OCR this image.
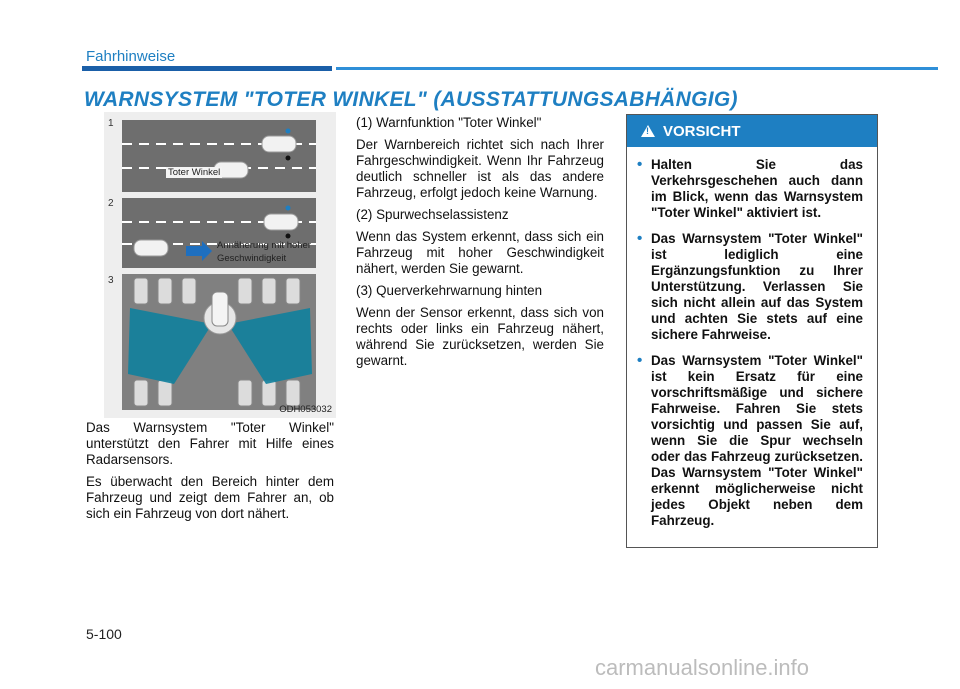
Fahrhinweise
WARNSYSTEM "TOTER WINKEL" (AUSSTATTUNGSABHÄNGIG)
1
2
3
Toter Winkel
Annäherung mit hoher
Geschwindigkeit
ODH053032

Das Warnsystem "Toter Winkel" unterstützt den Fahrer mit Hilfe eines Radarsensors.

Es überwacht den Bereich hinter dem Fahrzeug und zeigt dem Fahrer an, ob sich ein Fahrzeug von dort nähert.

(1) Warnfunktion "Toter Winkel"

Der Warnbereich richtet sich nach Ihrer Fahrgeschwindigkeit. Wenn Ihr Fahrzeug deutlich schneller ist als das andere Fahrzeug, erfolgt jedoch keine Warnung.

(2) Spurwechselassistenz

Wenn das System erkennt, dass sich ein Fahrzeug mit hoher Geschwindigkeit nähert, werden Sie gewarnt.

(3) Querverkehrwarnung hinten

Wenn der Sensor erkennt, dass sich von rechts oder links ein Fahrzeug nähert, während Sie zurücksetzen, werden Sie gewarnt.

!
VORSICHT
• Halten Sie das Verkehrsgeschehen auch dann im Blick, wenn das Warnsystem "Toter Winkel" aktiviert ist.
• Das Warnsystem "Toter Winkel" ist lediglich eine Ergänzungsfunktion zu Ihrer Unterstützung. Verlassen Sie sich nicht allein auf das System und achten Sie stets auf eine sichere Fahrweise.
• Das Warnsystem "Toter Winkel" ist kein Ersatz für eine vorschriftsmäßige und sichere Fahrweise. Fahren Sie stets vorsichtig und passen Sie auf, wenn Sie die Spur wechseln oder das Fahrzeug zurücksetzen. Das Warnsystem "Toter Winkel" erkennt möglicherweise nicht jedes Objekt neben dem Fahrzeug.
5-100
carmanualsonline.info
